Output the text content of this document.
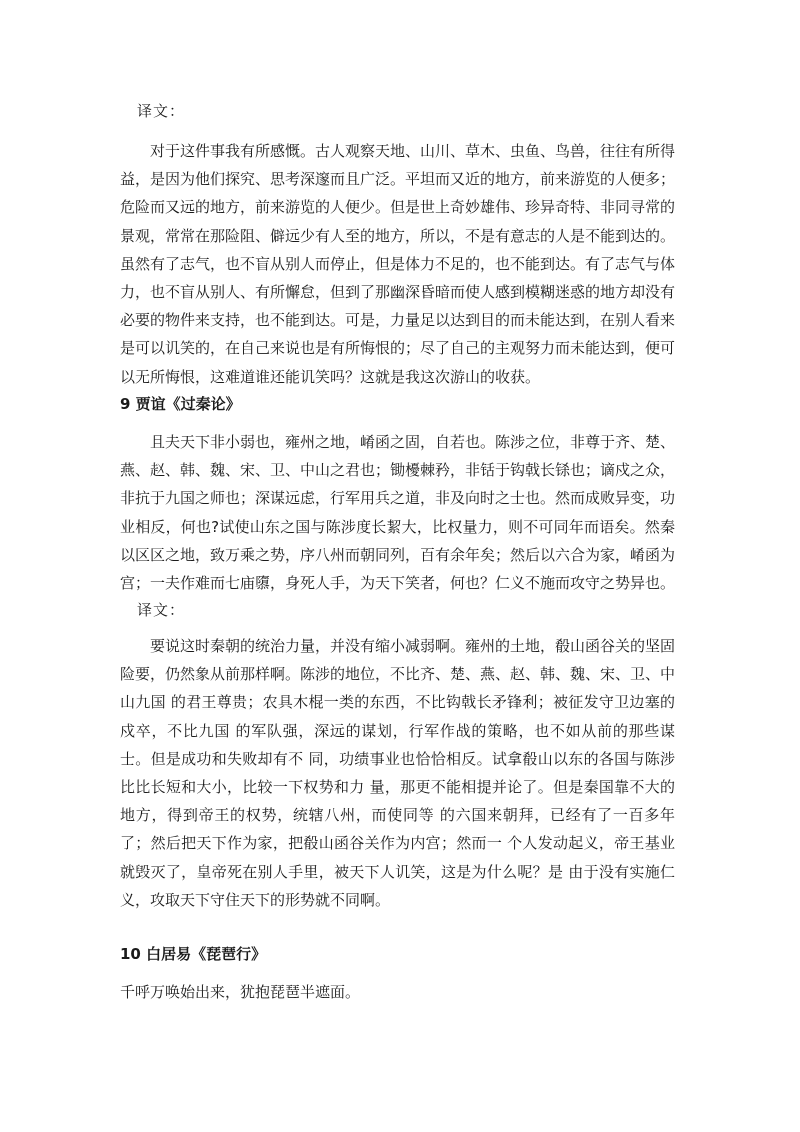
译文：
对于这件事我有所感慨。古人观察天地、山川、草木、虫鱼、鸟兽，往往有所得益，是因为他们探究、思考深邃而且广泛。平坦而又近的地方，前来游览的人便多；危险而又远的地方，前来游览的人便少。但是世上奇妙雄伟、珍异奇特、非同寻常的景观，常常在那险阻、僻远少有人至的地方，所以，不是有意志的人是不能到达的。虽然有了志气，也不盲从别人而停止，但是体力不足的，也不能到达。有了志气与体力，也不盲从别人、有所懈怠，但到了那幽深昏暗而使人感到模糊迷惑的地方却没有必要的物件来支持，也不能到达。可是，力量足以达到目的而未能达到，在别人看来是可以讥笑的，在自己来说也是有所悔恨的；尽了自己的主观努力而未能达到，便可以无所悔恨，这难道谁还能讥笑吗？这就是我这次游山的收获。
9 贾谊《过秦论》
且夫天下非小弱也，雍州之地，崤函之固，自若也。陈涉之位，非尊于齐、楚、燕、赵、韩、魏、宋、卫、中山之君也；锄櫌棘矜，非铦于钩戟长铩也；谪戍之众，非抗于九国之师也；深谋远虑，行军用兵之道，非及向时之士也。然而成败异变，功业相反，何也?试使山东之国与陈涉度长絜大，比权量力，则不可同年而语矣。然秦以区区之地，致万乘之势，序八州而朝同列，百有余年矣；然后以六合为家，崤函为宫；一夫作难而七庙隳，身死人手，为天下笑者，何也？仁义不施而攻守之势异也。
译文：
要说这时秦朝的统治力量，并没有缩小减弱啊。雍州的土地，殽山函谷关的坚固险要，仍然象从前那样啊。陈涉的地位，不比齐、楚、燕、赵、韩、魏、宋、卫、中山九国 的君王尊贵；农具木棍一类的东西，不比钩戟长矛锋利；被征发守卫边塞的戍卒，不比九国 的军队强，深远的谋划，行军作战的策略，也不如从前的那些谋士。但是成功和失败却有不 同，功绩事业也恰恰相反。试拿殽山以东的各国与陈涉比比长短和大小，比较一下权势和力 量，那更不能相提并论了。但是秦国靠不大的地方，得到帝王的权势，统辖八州，而使同等 的六国来朝拜，已经有了一百多年了；然后把天下作为家，把殽山函谷关作为内宫；然而一 个人发动起义，帝王基业就毁灭了，皇帝死在别人手里，被天下人讥笑，这是为什么呢？是 由于没有实施仁义，攻取天下守住天下的形势就不同啊。
10 白居易《琵琶行》
千呼万唤始出来，犹抱琵琶半遮面。
